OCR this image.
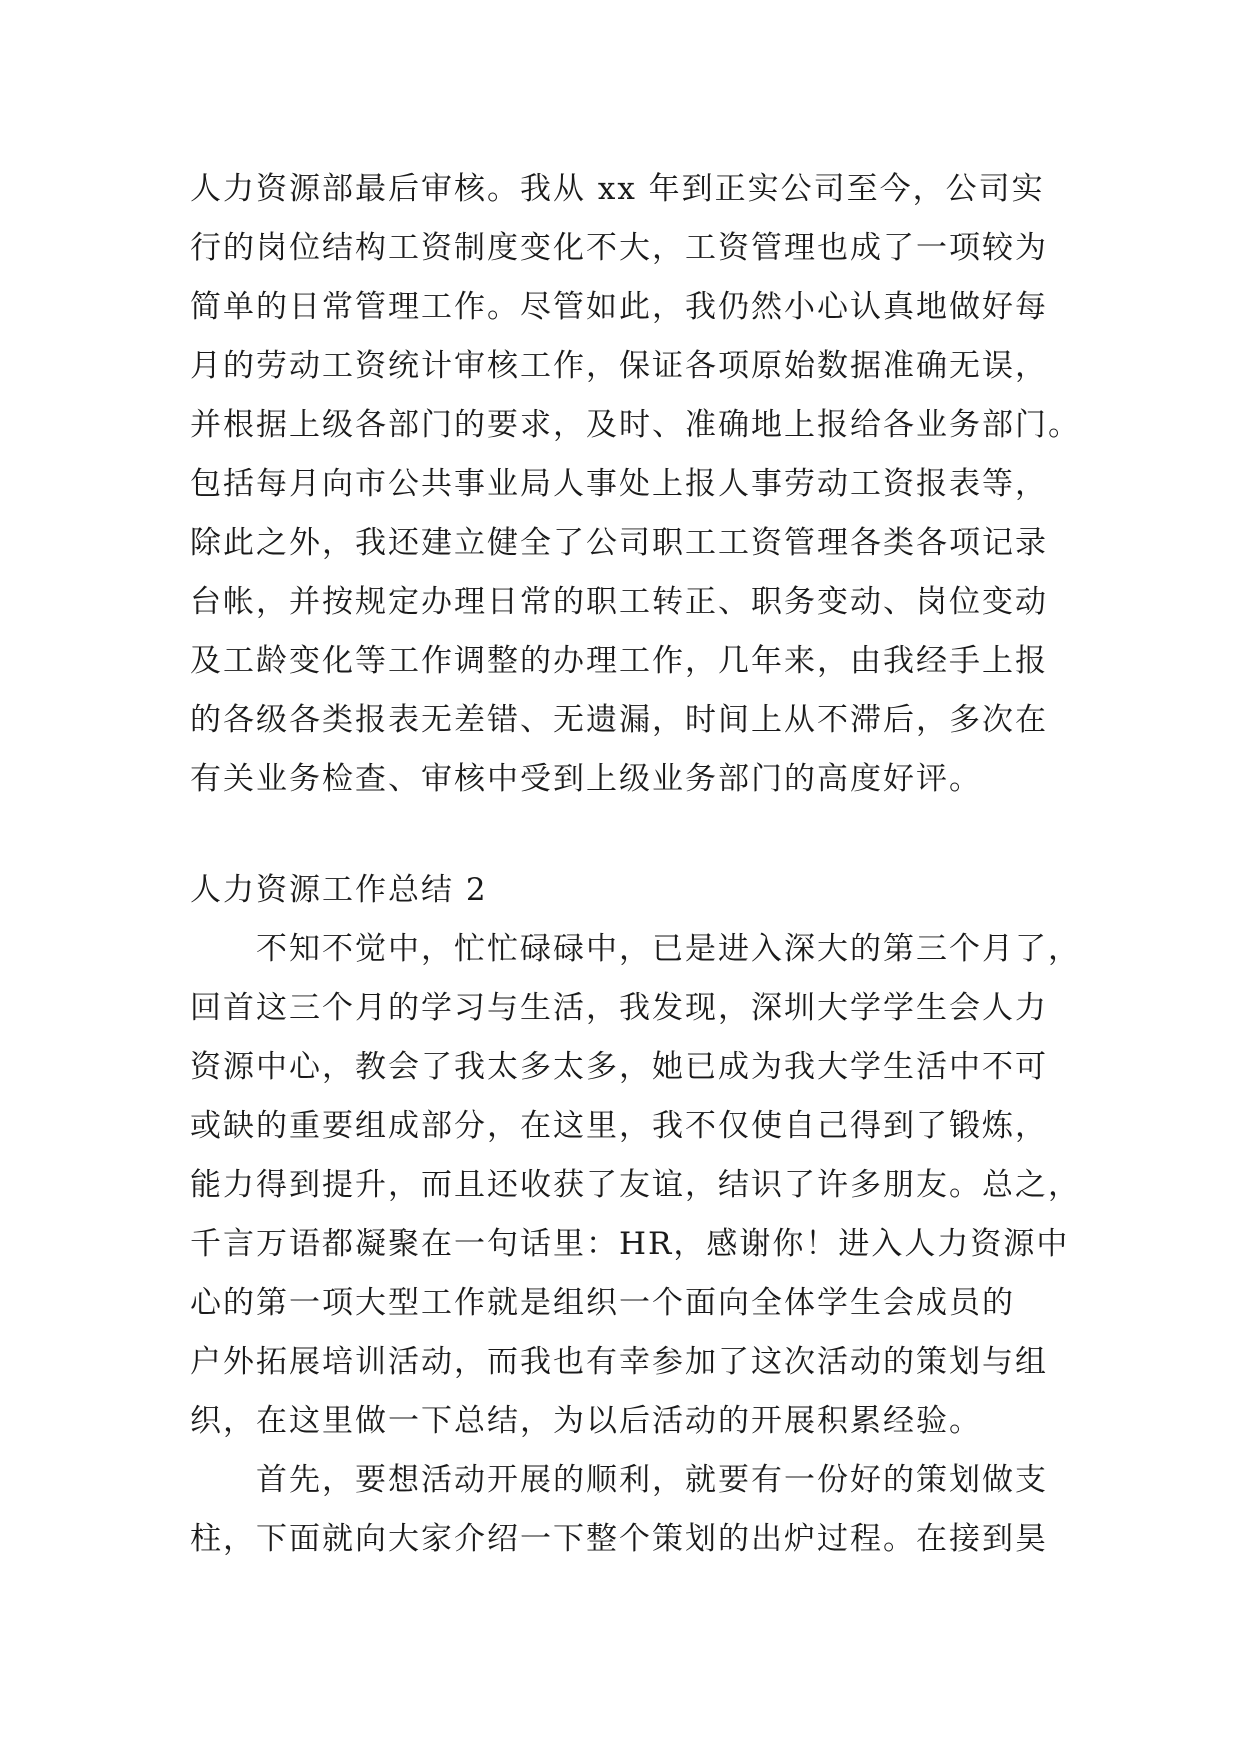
人力资源部最后审核。我从 xx 年到正实公司至今，公司实
行的岗位结构工资制度变化不大，工资管理也成了一项较为
简单的日常管理工作。尽管如此，我仍然小心认真地做好每
月的劳动工资统计审核工作，保证各项原始数据准确无误，
并根据上级各部门的要求，及时、准确地上报给各业务部门。
包括每月向市公共事业局人事处上报人事劳动工资报表等，
除此之外，我还建立健全了公司职工工资管理各类各项记录
台帐，并按规定办理日常的职工转正、职务变动、岗位变动
及工龄变化等工作调整的办理工作，几年来，由我经手上报
的各级各类报表无差错、无遗漏，时间上从不滞后，多次在
有关业务检查、审核中受到上级业务部门的高度好评。
人力资源工作总结 2
不知不觉中，忙忙碌碌中，已是进入深大的第三个月了，
回首这三个月的学习与生活，我发现，深圳大学学生会人力
资源中心，教会了我太多太多，她已成为我大学生活中不可
或缺的重要组成部分，在这里，我不仅使自己得到了锻炼，
能力得到提升，而且还收获了友谊，结识了许多朋友。总之，
千言万语都凝聚在一句话里：HR，感谢你！进入人力资源中
心的第一项大型工作就是组织一个面向全体学生会成员的
户外拓展培训活动，而我也有幸参加了这次活动的策划与组
织，在这里做一下总结，为以后活动的开展积累经验。
首先，要想活动开展的顺利，就要有一份好的策划做支
柱，下面就向大家介绍一下整个策划的出炉过程。在接到昊
